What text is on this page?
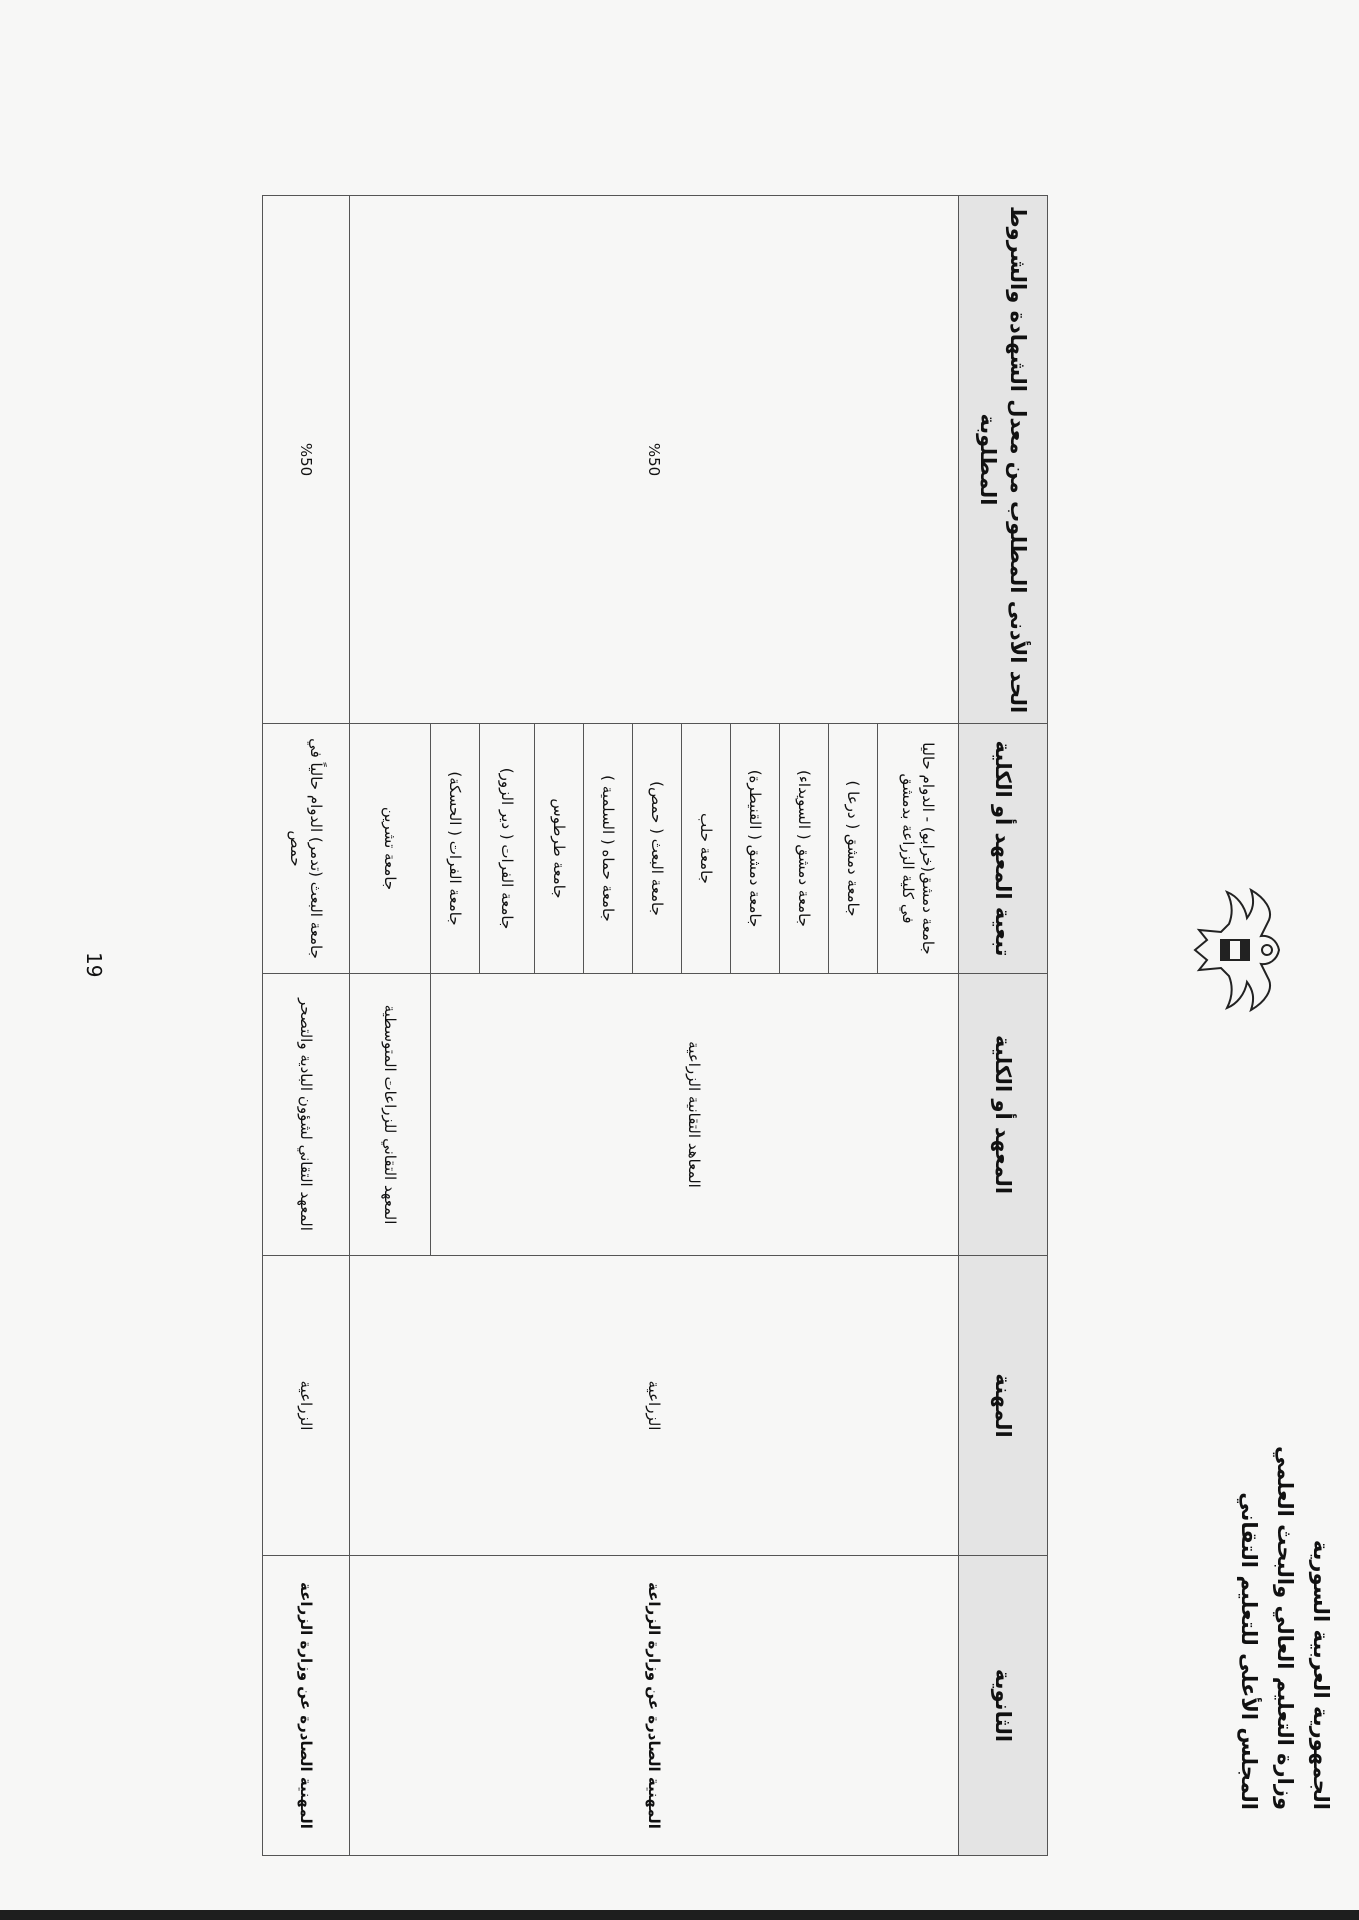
الجمهورية العربية السورية
وزارة التعليم العالي والبحث العلمي
المجلس الأعلى للتعليم التقاني
الثانوية	المهنة	المعهد أو الكلية	تبعية المعهد أو الكلية	الحد الأدنى المطلوب من معدل الشهادة والشروط المطلوبة
المهنية الصادرة عن وزارة الزراعة	الزراعية	المعاهد التقانية الزراعية	جامعة دمشق(خرابو) - الدوام حاليا في كلية الزراعة بدمشق	%50
			جامعة دمشق ( درعا )	
			جامعة دمشق ( السويداء)	
			جامعة دمشق ( القنيطرة)	
			جامعة حلب	
			جامعة البعث ( حمص)	
			جامعة حماه ( السلمية )	
			جامعة طرطوس	
			جامعة الفرات ( دير الزور)	
			جامعة الفرات ( الحسكة)	
		المعهد التقاني للزراعات المتوسطية	جامعة تشرين	
المهنية الصادرة عن وزارة الزراعة	الزراعية	المعهد التقاني لشؤون البادية والتصحر	جامعة البعث (تدمر) الدوام حالياً في حمص	%50
19
